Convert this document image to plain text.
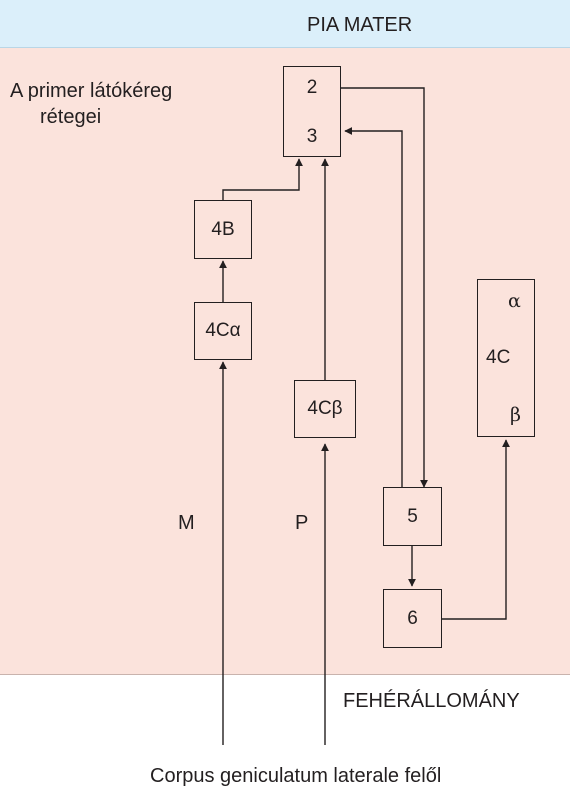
PIA MATER
A primer látókéreg
rétegei
FEHÉRÁLLOMÁNY
2
3
4B
4Cα
4Cβ
α
4C
β
5
6
M	P
Corpus geniculatum laterale felől
